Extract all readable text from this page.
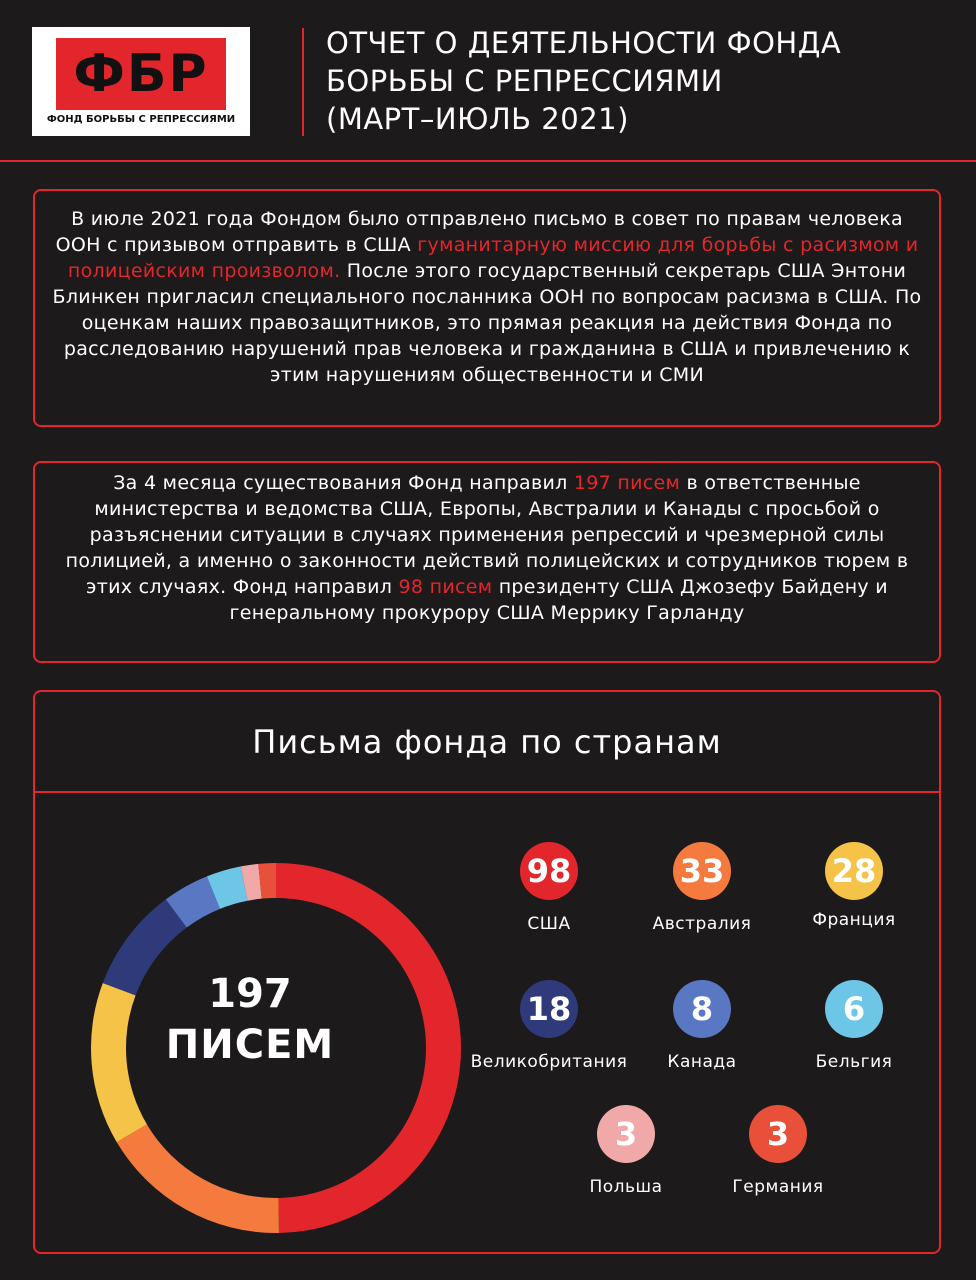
ФБР
ФОНД БОРЬБЫ С РЕПРЕССИЯМИ
ОТЧЕТ О ДЕЯТЕЛЬНОСТИ ФОНДА
БОРЬБЫ С РЕПРЕССИЯМИ
(МАРТ–ИЮЛЬ 2021)
В июле 2021 года Фондом было отправлено письмо в совет по правам человека ООН с призывом отправить в США гуманитарную миссию для борьбы с расизмом и полицейским произволом. После этого государственный секретарь США Энтони Блинкен пригласил специального посланника ООН по вопросам расизма в США. По оценкам наших правозащитников, это прямая реакция на действия Фонда по расследованию нарушений прав человека и гражданина в США и привлечению к этим нарушениям общественности и СМИ
За 4 месяца существования Фонд направил 197 писем в ответственные министерства и ведомства США, Европы, Австралии и Канады с просьбой о разъяснении ситуации в случаях применения репрессий и чрезмерной силы полицией, а именно о законности действий полицейских и сотрудников тюрем в этих случаях. Фонд направил 98 писем президенту США Джозефу Байдену и генеральному прокурору США Меррику Гарланду
Письма фонда по странам
197
ПИСЕМ
98
США
33
Австралия
28
Франция
18
Великобритания
8
Канада
6
Бельгия
3
Польша
3
Германия
